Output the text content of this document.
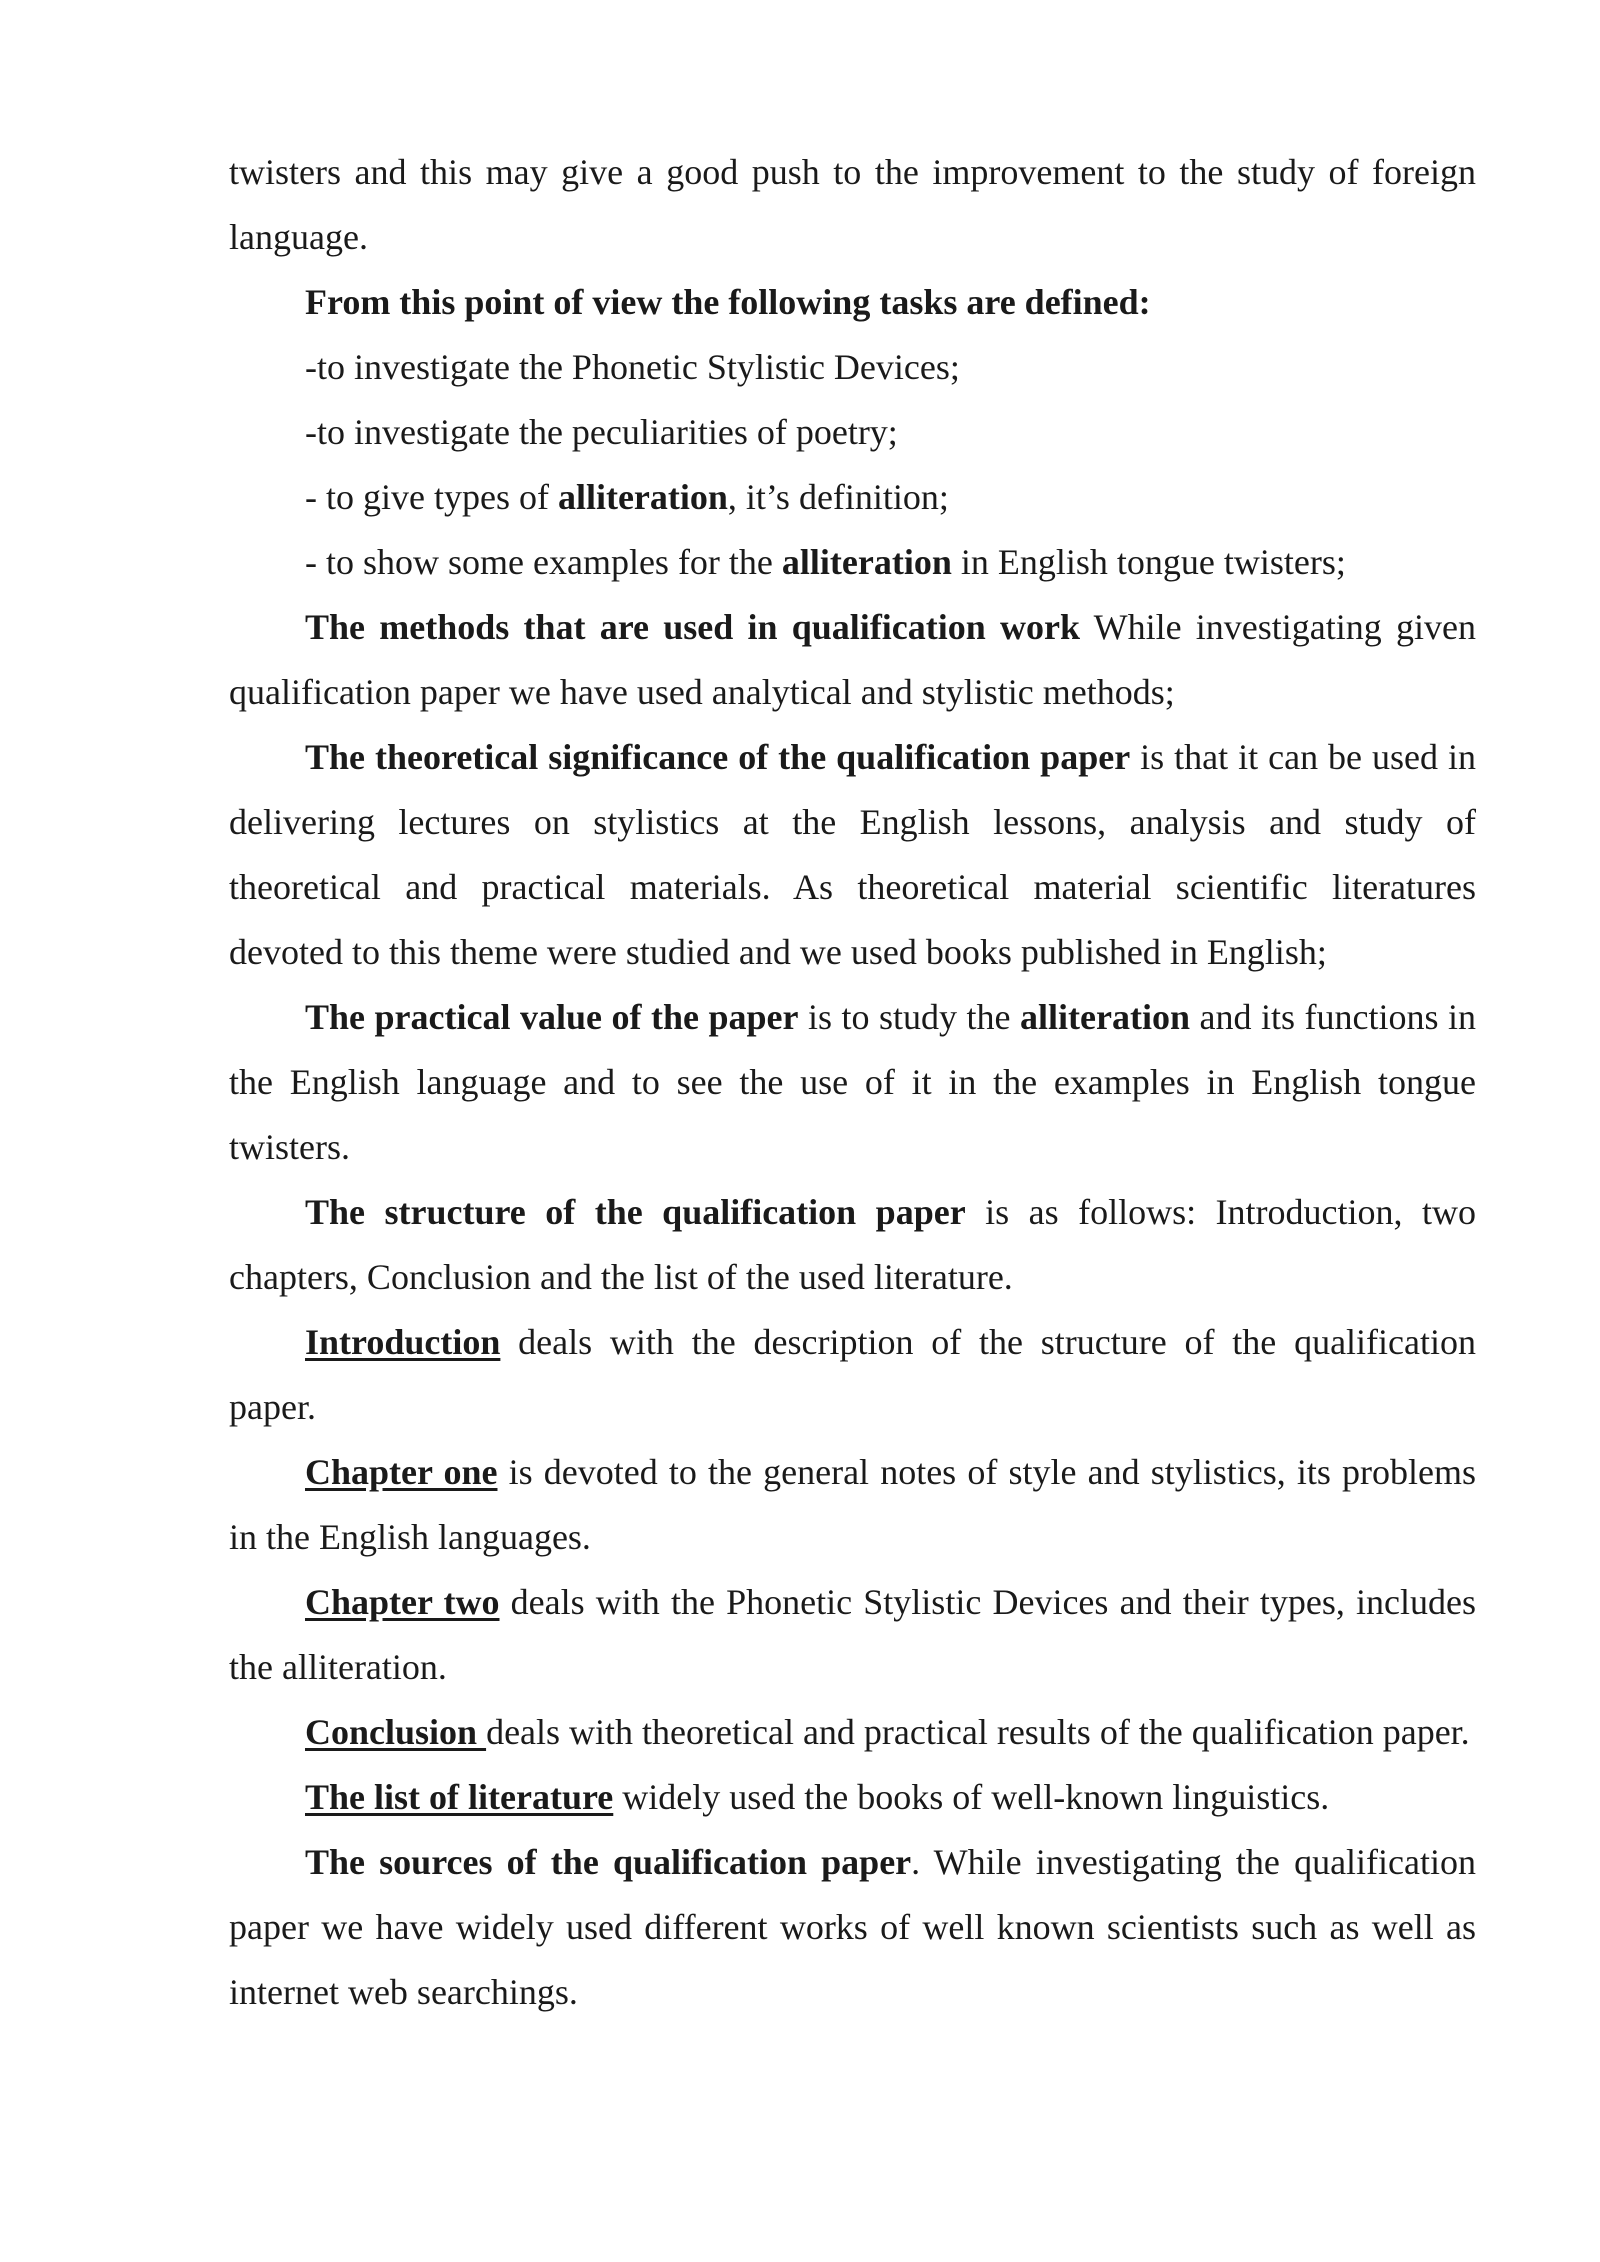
twisters and this may give a good push to the improvement to the study of foreign language.

From this point of view the following tasks are defined:

-to investigate the Phonetic Stylistic Devices;

-to investigate the peculiarities of poetry;

- to give types of alliteration, it’s definition;

- to show some examples for the alliteration in English tongue twisters;

The methods that are used in qualification work While investigating given qualification paper we have used analytical and stylistic methods;

The theoretical significance of the qualification paper is that it can be used in delivering lectures on stylistics at the English lessons, analysis and study of theoretical and practical materials. As theoretical material scientific literatures devoted to this theme were studied and we used books published in English;

The practical value of the paper is to study the alliteration and its functions in the English language and to see the use of it in the examples in English tongue twisters.

The structure of the qualification paper is as follows: Introduction, two chapters, Conclusion and the list of the used literature.

Introduction deals with the description of the structure of the qualification paper.

Chapter one is devoted to the general notes of style and stylistics, its problems in the English languages.

Chapter two deals with the Phonetic Stylistic Devices and their types, includes the alliteration.

Conclusion deals with theoretical and practical results of the qualification paper.

The list of literature widely used the books of well-known linguistics.

The sources of the qualification paper. While investigating the qualification paper we have widely used different works of well known scientists such as well as internet web searchings.
